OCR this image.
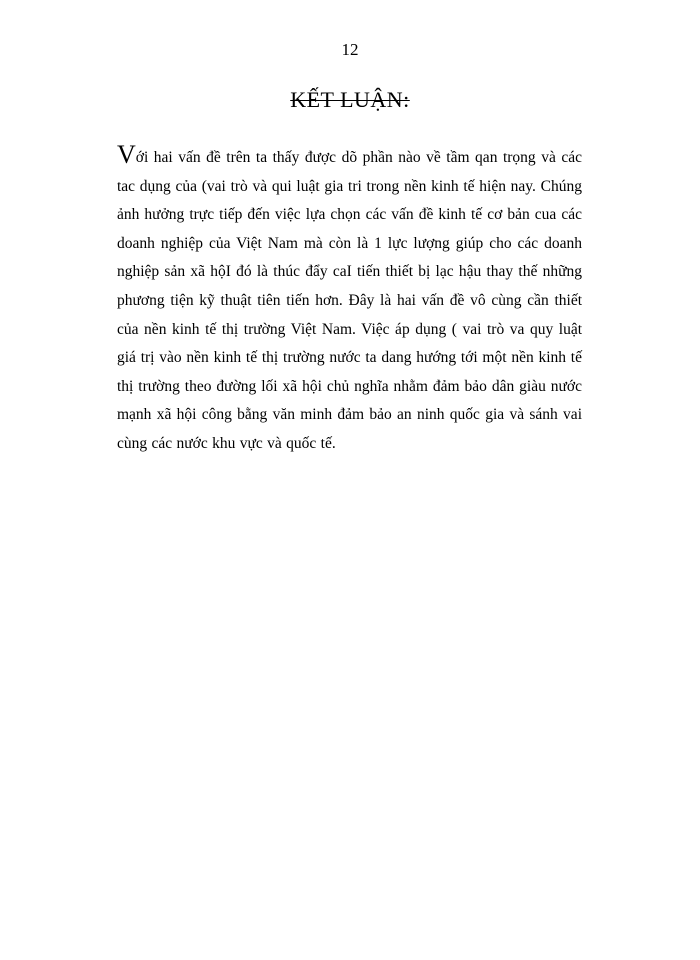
12
KẾT LUẬN:
Với hai vấn đề trên ta thấy được dõ phần nào về tầm qan trọng và các tac dụng của (vai trò và qui luật gia tri trong nền kinh tế hiện nay. Chúng ảnh hưởng trực tiếp đến việc lựa chọn các vấn đề kinh tế cơ bản cua các doanh nghiệp của Việt Nam mà còn là 1 lực lượng giúp cho các doanh nghiệp sản xã hộI đó là thúc đẩy caI tiến thiết bị lạc hậu thay thế những phương tiện kỹ thuật tiên tiến hơn. Đây là hai vấn đề vô cùng cần thiết của nền kinh tế thị trường Việt Nam. Việc áp dụng ( vai trò va quy luật giá trị vào nền kinh tế thị trường nước ta dang hướng tới một nền kinh tế thị trường theo đường lối xã hội chủ nghĩa nhằm đảm bảo dân giàu nước mạnh xã hội công bằng văn minh đảm bảo an ninh quốc gia và sánh vai cùng các nước khu vực và quốc tế.
